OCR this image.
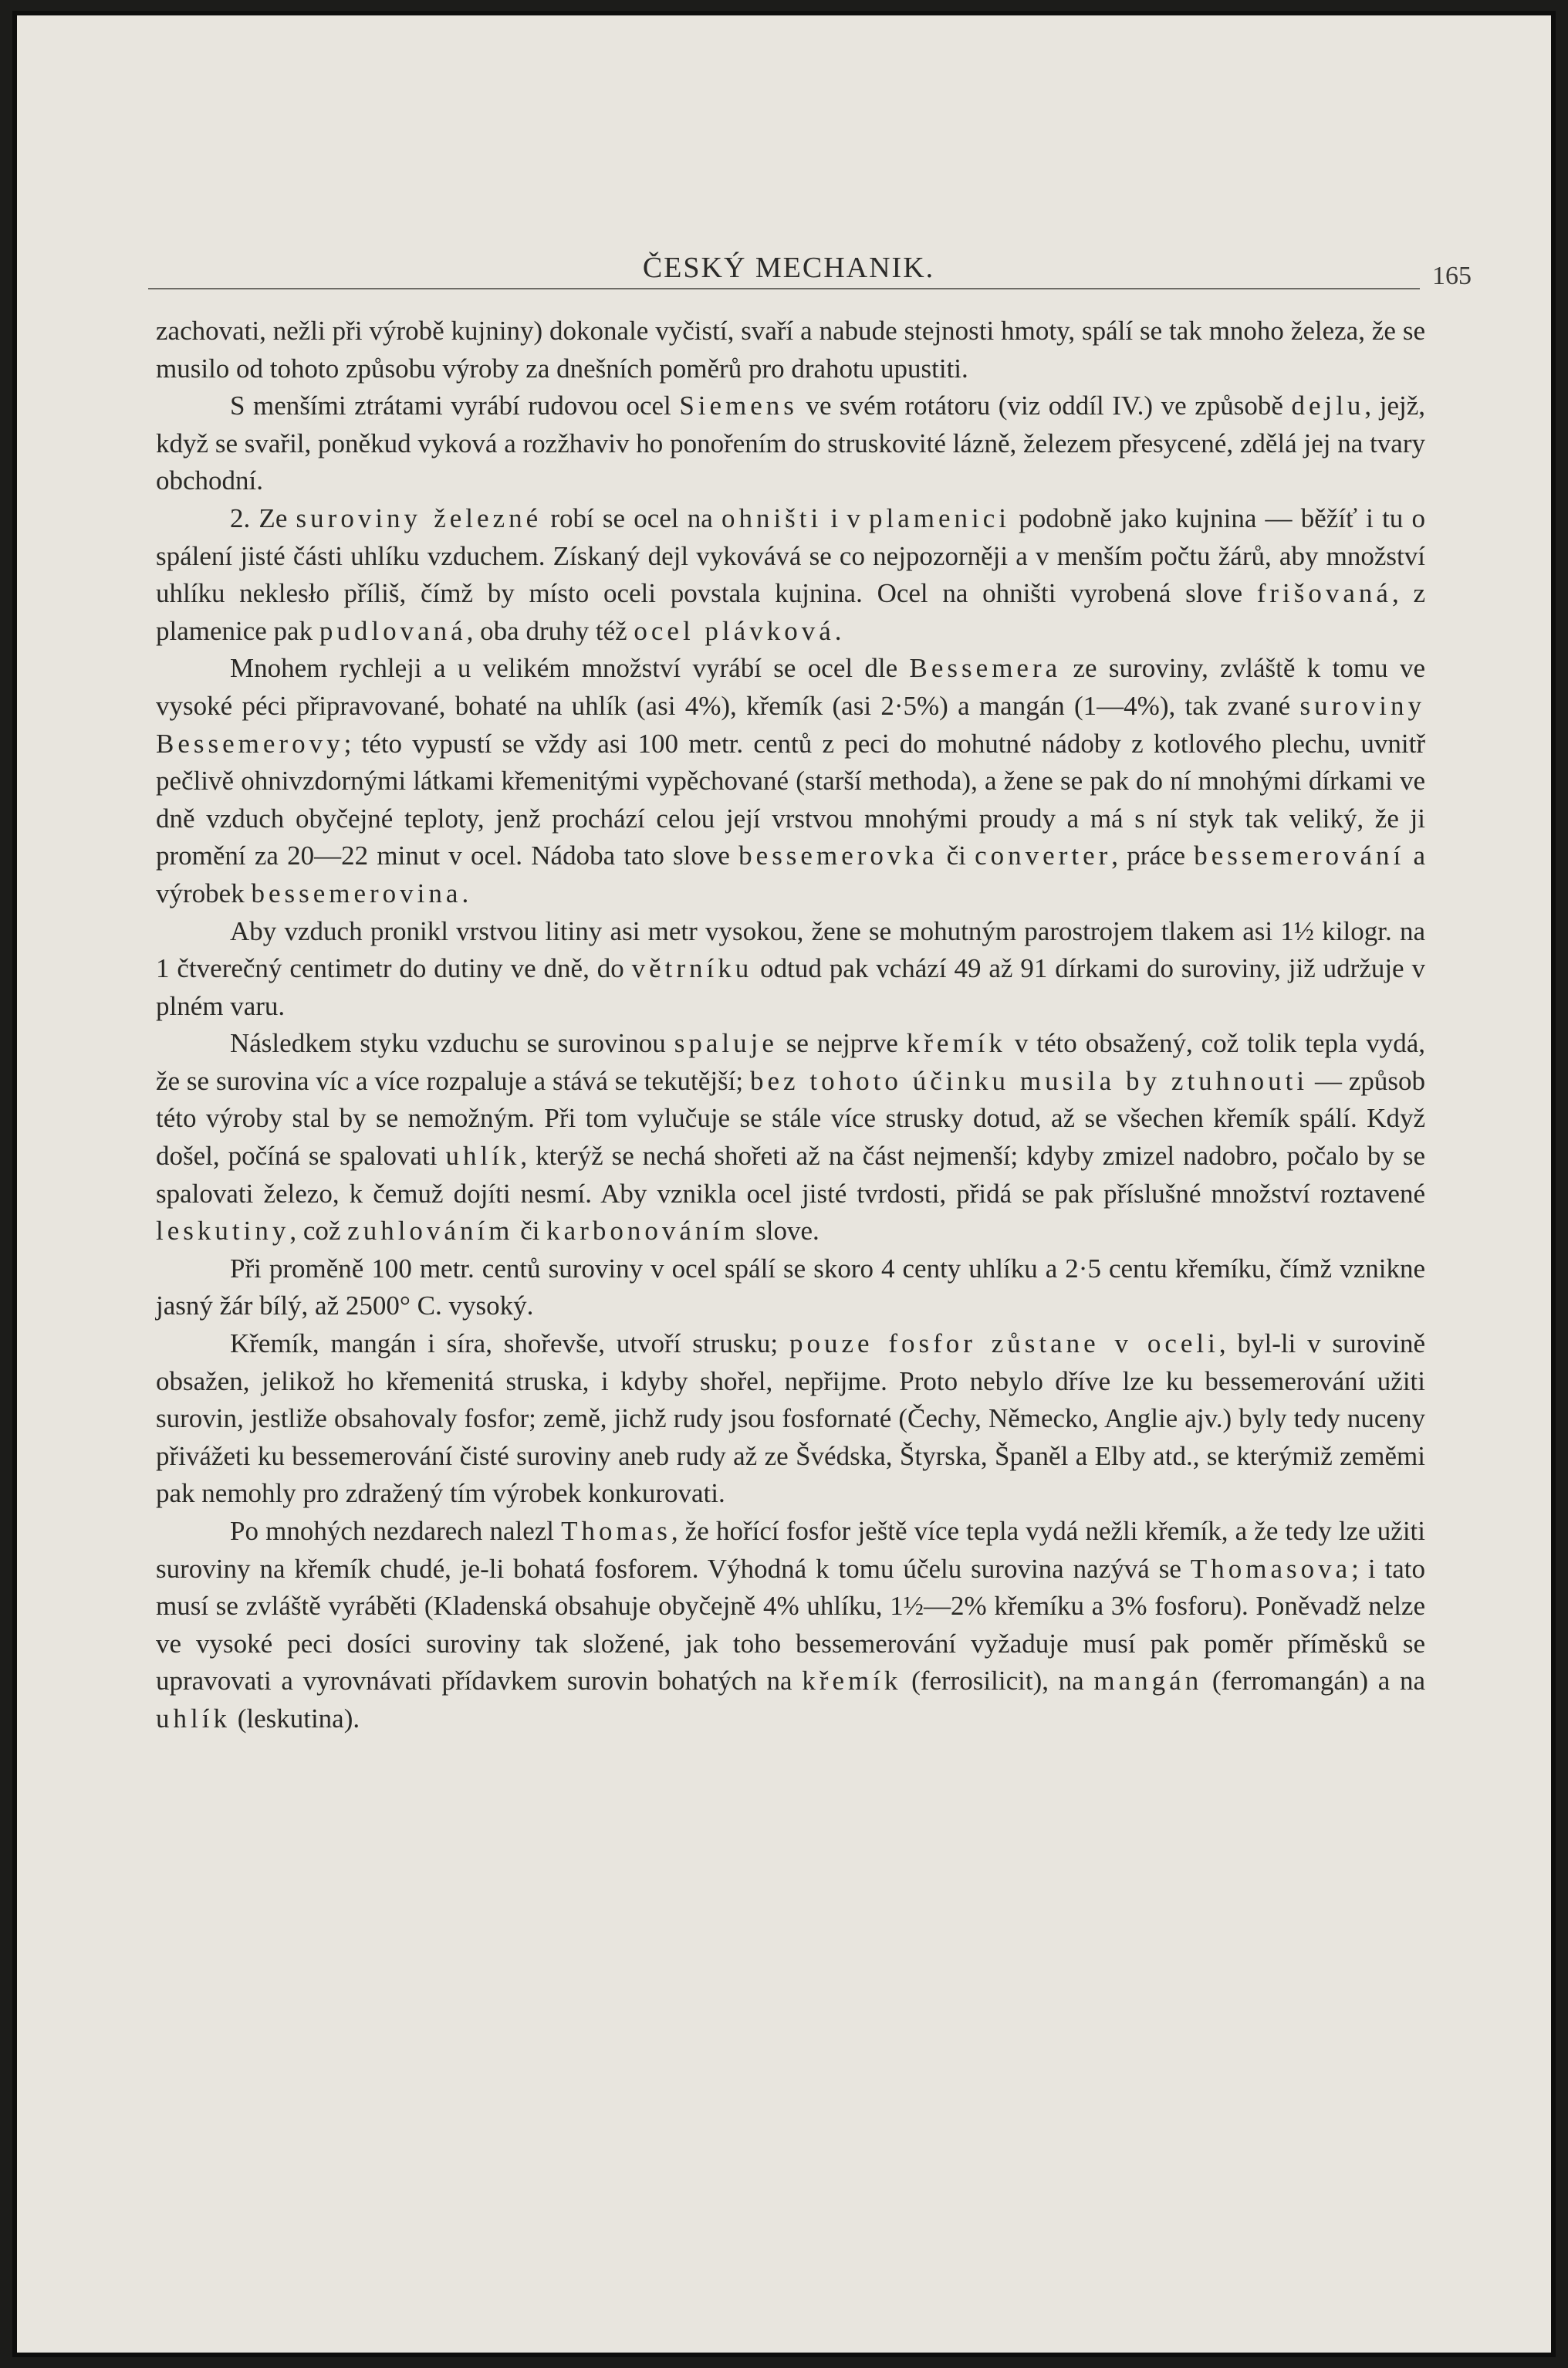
ČESKÝ MECHANIK.	165

zachovati, nežli při výrobě kujniny) dokonale vyčistí, svaří a nabude stejnosti hmoty, spálí se tak mnoho železa, že se musilo od tohoto způsobu výroby za dnešních poměrů pro drahotu upustiti.

S menšími ztrátami vyrábí rudovou ocel Siemens ve svém rotátoru (viz oddíl IV.) ve způsobě dejlu, jejž, když se svařil, poněkud vyková a rozžhaviv ho ponořením do struskovité lázně, železem přesycené, zdělá jej na tvary obchodní.

2. Ze suroviny železné robí se ocel na ohništi i v plamenici podobně jako kujnina — běžíť i tu o spálení jisté části uhlíku vzduchem. Získaný dejl vykovává se co nejpozorněji a v menším počtu žárů, aby množství uhlíku neklesło příliš, čímž by místo oceli povstala kujnina. Ocel na ohništi vyrobená slove frišovaná, z plamenice pak pudlovaná, oba druhy též ocel plávková.

Mnohem rychleji a u velikém množství vyrábí se ocel dle Bessemera ze suroviny, zvláště k tomu ve vysoké péci připravované, bohaté na uhlík (asi 4%), křemík (asi 2·5%) a mangán (1—4%), tak zvané suroviny Bessemerovy; této vypustí se vždy asi 100 metr. centů z peci do mohutné nádoby z kotlového plechu, uvnitř pečlivě ohnivzdornými látkami křemenitými vypěchované (starší methoda), a žene se pak do ní mnohými dírkami ve dně vzduch obyčejné teploty, jenž prochází celou její vrstvou mnohými proudy a má s ní styk tak veliký, že ji promění za 20—22 minut v ocel. Nádoba tato slove bessemerovka či converter, práce bessemerování a výrobek bessemerovina.

Aby vzduch pronikl vrstvou litiny asi metr vysokou, žene se mohutným parostrojem tlakem asi 1½ kilogr. na 1 čtverečný centimetr do dutiny ve dně, do větrníku odtud pak vchází 49 až 91 dírkami do suroviny, již udržuje v plném varu.

Následkem styku vzduchu se surovinou spaluje se nejprve křemík v této obsažený, což tolik tepla vydá, že se surovina víc a více rozpaluje a stává se tekutější; bez tohoto účinku musila by ztuhnouti — způsob této výroby stal by se nemožným. Při tom vylučuje se stále více strusky dotud, až se všechen křemík spálí. Když došel, počíná se spalovati uhlík, kterýž se nechá shořeti až na část nejmenší; kdyby zmizel nadobro, počalo by se spalovati železo, k čemuž dojíti nesmí. Aby vznikla ocel jisté tvrdosti, přidá se pak příslušné množství roztavené leskutiny, což zuhlováním či karbonováním slove.

Při proměně 100 metr. centů suroviny v ocel spálí se skoro 4 centy uhlíku a 2·5 centu křemíku, čímž vznikne jasný žár bílý, až 2500° C. vysoký.

Křemík, mangán i síra, shořevše, utvoří strusku; pouze fosfor zůstane v oceli, byl-li v surovině obsažen, jelikož ho křemenitá struska, i kdyby shořel, nepřijme. Proto nebylo dříve lze ku bessemerování užiti surovin, jestliže obsahovaly fosfor; země, jichž rudy jsou fosfornaté (Čechy, Německo, Anglie ajv.) byly tedy nuceny přivážeti ku bessemerování čisté suroviny aneb rudy až ze Švédska, Štyrska, Španěl a Elby atd., se kterýmiž zeměmi pak nemohly pro zdražený tím výrobek konkurovati.

Po mnohých nezdarech nalezl Thomas, že hořící fosfor ještě více tepla vydá nežli křemík, a že tedy lze užiti suroviny na křemík chudé, je-li bohatá fosforem. Výhodná k tomu účelu surovina nazývá se Thomasova; i tato musí se zvláště vyráběti (Kladenská obsahuje obyčejně 4% uhlíku, 1½—2% křemíku a 3% fosforu). Poněvadž nelze ve vysoké peci dosíci suroviny tak složené, jak toho bessemerování vyžaduje musí pak poměr příměsků se upravovati a vyrovnávati přídavkem surovin bohatých na křemík (ferrosilicit), na mangán (ferromangán) a na uhlík (leskutina).
